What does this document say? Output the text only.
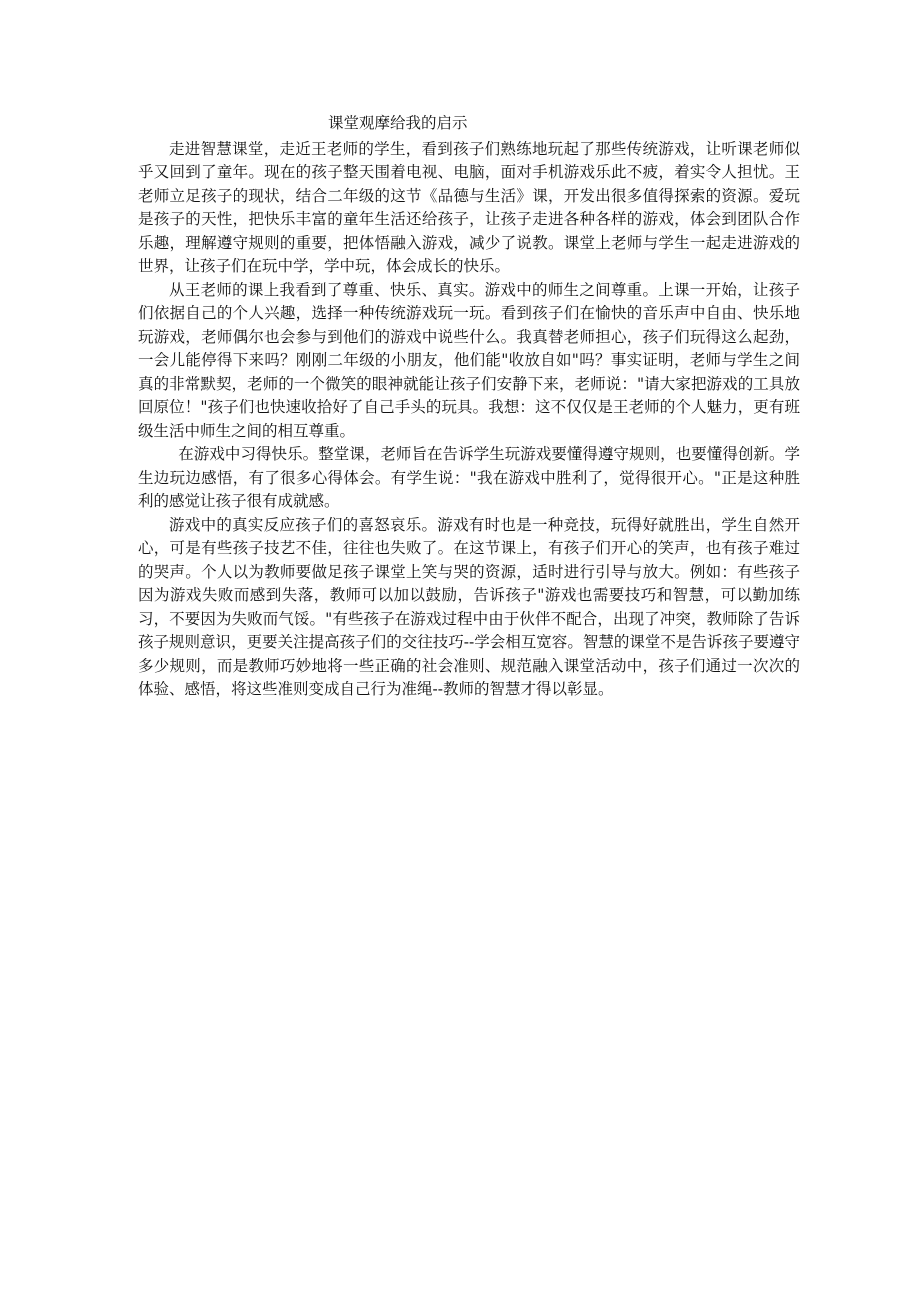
课堂观摩给我的启示

走进智慧课堂，走近王老师的学生，看到孩子们熟练地玩起了那些传统游戏，让听课老师似乎又回到了童年。现在的孩子整天围着电视、电脑，面对手机游戏乐此不疲，着实令人担忧。王老师立足孩子的现状，结合二年级的这节《品德与生活》课，开发出很多值得探索的资源。爱玩是孩子的天性，把快乐丰富的童年生活还给孩子，让孩子走进各种各样的游戏，体会到团队合作乐趣，理解遵守规则的重要，把体悟融入游戏，减少了说教。课堂上老师与学生一起走进游戏的世界，让孩子们在玩中学，学中玩，体会成长的快乐。

从王老师的课上我看到了尊重、快乐、真实。游戏中的师生之间尊重。上课一开始，让孩子们依据自己的个人兴趣，选择一种传统游戏玩一玩。看到孩子们在愉快的音乐声中自由、快乐地玩游戏，老师偶尔也会参与到他们的游戏中说些什么。我真替老师担心，孩子们玩得这么起劲，一会儿能停得下来吗？刚刚二年级的小朋友，他们能"收放自如"吗？事实证明，老师与学生之间真的非常默契，老师的一个微笑的眼神就能让孩子们安静下来，老师说："请大家把游戏的工具放回原位！"孩子们也快速收拾好了自己手头的玩具。我想：这不仅仅是王老师的个人魅力，更有班级生活中师生之间的相互尊重。

在游戏中习得快乐。整堂课，老师旨在告诉学生玩游戏要懂得遵守规则，也要懂得创新。学生边玩边感悟，有了很多心得体会。有学生说："我在游戏中胜利了，觉得很开心。"正是这种胜利的感觉让孩子很有成就感。

游戏中的真实反应孩子们的喜怒哀乐。游戏有时也是一种竞技，玩得好就胜出，学生自然开心，可是有些孩子技艺不佳，往往也失败了。在这节课上，有孩子们开心的笑声，也有孩子难过的哭声。个人以为教师要做足孩子课堂上笑与哭的资源，适时进行引导与放大。例如：有些孩子因为游戏失败而感到失落，教师可以加以鼓励，告诉孩子"游戏也需要技巧和智慧，可以勤加练习，不要因为失败而气馁。"有些孩子在游戏过程中由于伙伴不配合，出现了冲突，教师除了告诉孩子规则意识，更要关注提高孩子们的交往技巧--学会相互宽容。智慧的课堂不是告诉孩子要遵守多少规则，而是教师巧妙地将一些正确的社会准则、规范融入课堂活动中，孩子们通过一次次的体验、感悟，将这些准则变成自己行为准绳--教师的智慧才得以彰显。
